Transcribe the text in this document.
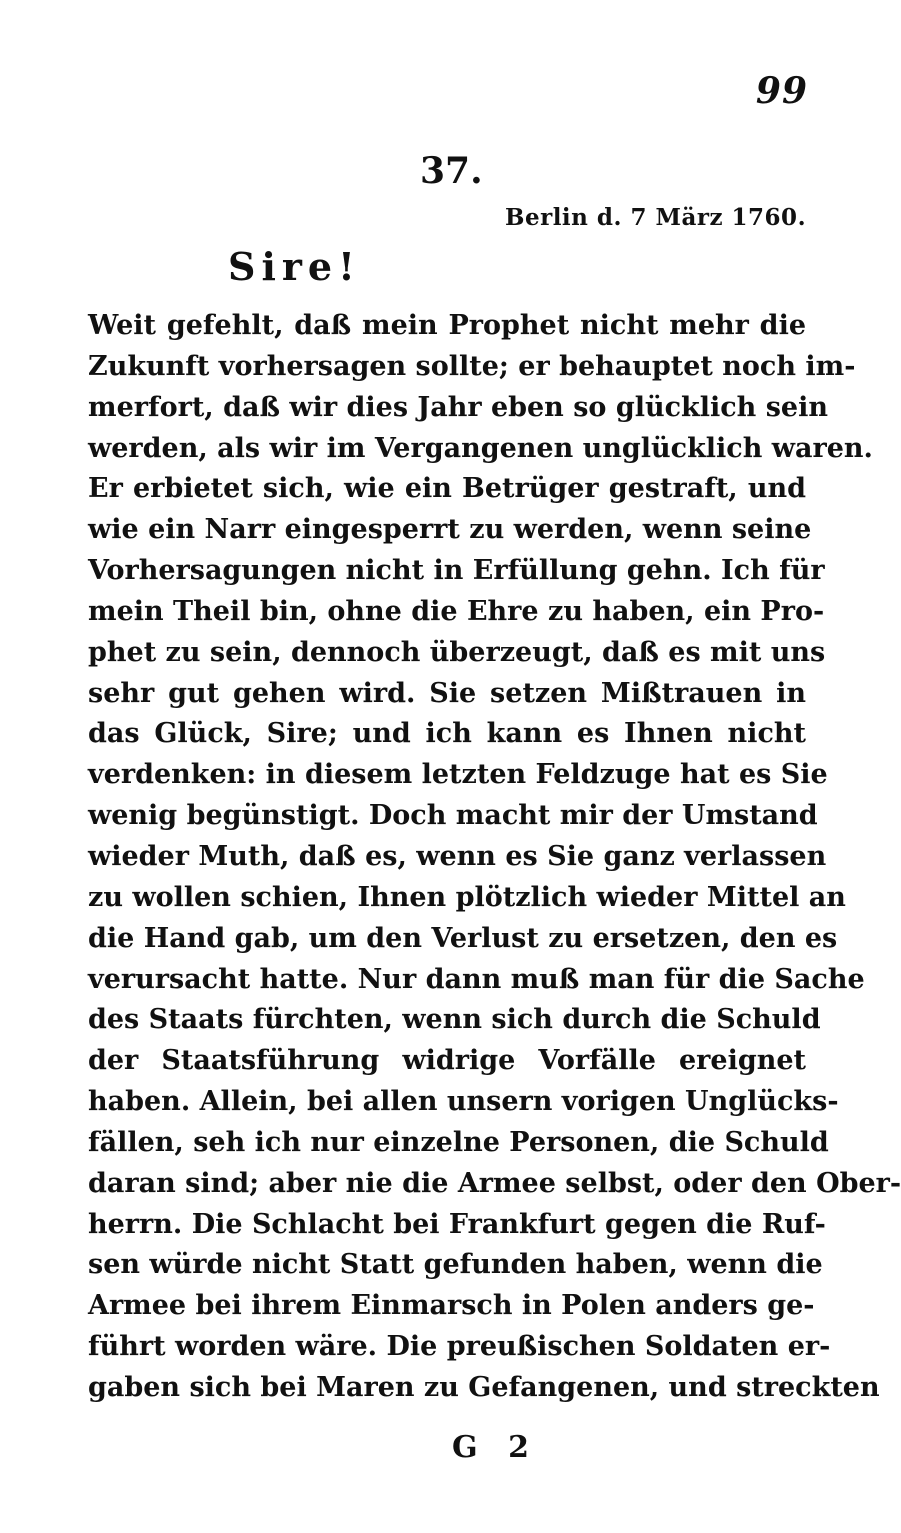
99
37.
Berlin d. 7 März 1760.
Sire!
Weit gefehlt, daß mein Prophet nicht mehr die
Zukunft vorhersagen sollte; er behauptet noch im-
merfort, daß wir dies Jahr eben so glücklich sein
werden, als wir im Vergangenen unglücklich waren.
Er erbietet sich, wie ein Betrüger gestraft, und
wie ein Narr eingesperrt zu werden, wenn seine
Vorhersagungen nicht in Erfüllung gehn. Ich für
mein Theil bin, ohne die Ehre zu haben, ein Pro-
phet zu sein, dennoch überzeugt, daß es mit uns
sehr gut gehen wird. Sie setzen Mißtrauen in
das Glück, Sire; und ich kann es Ihnen nicht
verdenken: in diesem letzten Feldzuge hat es Sie
wenig begünstigt. Doch macht mir der Umstand
wieder Muth, daß es, wenn es Sie ganz verlassen
zu wollen schien, Ihnen plötzlich wieder Mittel an
die Hand gab, um den Verlust zu ersetzen, den es
verursacht hatte. Nur dann muß man für die Sache
des Staats fürchten, wenn sich durch die Schuld
der Staatsführung widrige Vorfälle ereignet
haben. Allein, bei allen unsern vorigen Unglücks-
fällen, seh ich nur einzelne Personen, die Schuld
daran sind; aber nie die Armee selbst, oder den Ober-
herrn. Die Schlacht bei Frankfurt gegen die Ruf-
sen würde nicht Statt gefunden haben, wenn die
Armee bei ihrem Einmarsch in Polen anders ge-
führt worden wäre. Die preußischen Soldaten er-
gaben sich bei Maren zu Gefangenen, und streckten
G 2
